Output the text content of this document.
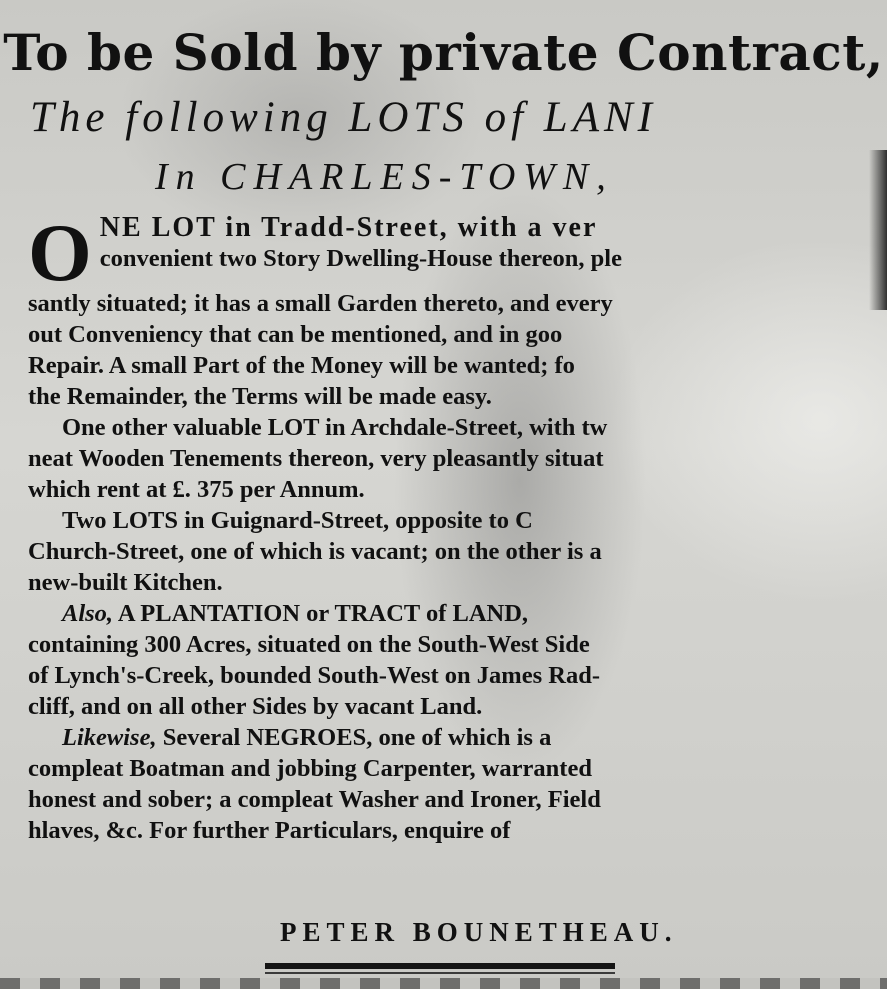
To be Sold by private Contract,
The following LOTS of LANI
In CHARLES-TOWN,
O NE LOT in Tradd-Street, with a ver
convenient two Story Dwelling-House thereon, ple
santly situated; it has a small Garden thereto, and every
out Conveniency that can be mentioned, and in goo
Repair. A small Part of the Money will be wanted; fo
the Remainder, the Terms will be made easy.
One other valuable LOT in Archdale-Street, with tw
neat Wooden Tenements thereon, very pleasantly situat
which rent at £. 375 per Annum.
Two LOTS in Guignard-Street, opposite to C
Church-Street, one of which is vacant; on the other is a
new-built Kitchen.
Also, A PLANTATION or TRACT of LAND,
containing 300 Acres, situated on the South-West Side
of Lynch's-Creek, bounded South-West on James Rad-
cliff, and on all other Sides by vacant Land.
Likewise, Several NEGROES, one of which is a
compleat Boatman and jobbing Carpenter, warranted
honest and sober; a compleat Washer and Ironer, Field
hlaves, &c. For further Particulars, enquire of
PETER BOUNETHEAU.
